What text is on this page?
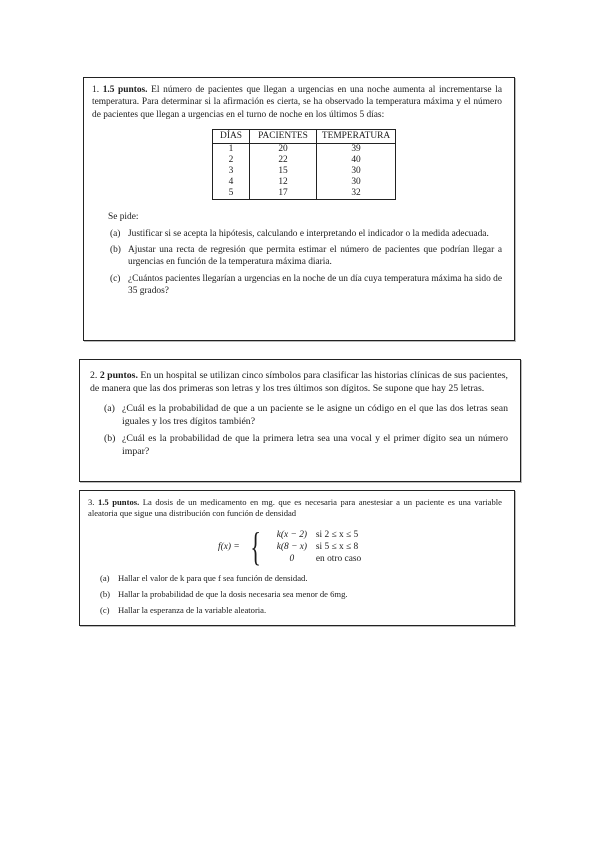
1. 1.5 puntos. El número de pacientes que llegan a urgencias en una noche aumenta al incrementarse la temperatura. Para determinar si la afirmación es cierta, se ha observado la temperatura máxima y el número de pacientes que llegan a urgencias en el turno de noche en los últimos 5 días:

DÍAS	PACIENTES	TEMPERATURA
1	20	39
2	22	40
3	15	30
4	12	30
5	17	32
Se pide:
(a) Justificar si se acepta la hipótesis, calculando e interpretando el indicador o la medida adecuada.
(b) Ajustar una recta de regresión que permita estimar el número de pacientes que podrían llegar a urgencias en función de la temperatura máxima diaria.
(c) ¿Cuántos pacientes llegarían a urgencias en la noche de un día cuya temperatura máxima ha sido de 35 grados?

2. 2 puntos. En un hospital se utilizan cinco símbolos para clasificar las historias clínicas de sus pacientes, de manera que las dos primeras son letras y los tres últimos son dígitos. Se supone que hay 25 letras.

(a) ¿Cuál es la probabilidad de que a un paciente se le asigne un código en el que las dos letras sean iguales y los tres dígitos también?
(b) ¿Cuál es la probabilidad de que la primera letra sea una vocal y el primer dígito sea un número impar?

3. 1.5 puntos. La dosis de un medicamento en mg. que es necesaria para anestesiar a un paciente es una variable aleatoria que sigue una distribución con función de densidad

f(x) = {	k(x − 2) si 2 ≤ x ≤ 5
k(8 − x) si 5 ≤ x ≤ 8
0	en otro caso
(a) Hallar el valor de k para que f sea función de densidad.
(b) Hallar la probabilidad de que la dosis necesaria sea menor de 6mg.
(c) Hallar la esperanza de la variable aleatoria.
